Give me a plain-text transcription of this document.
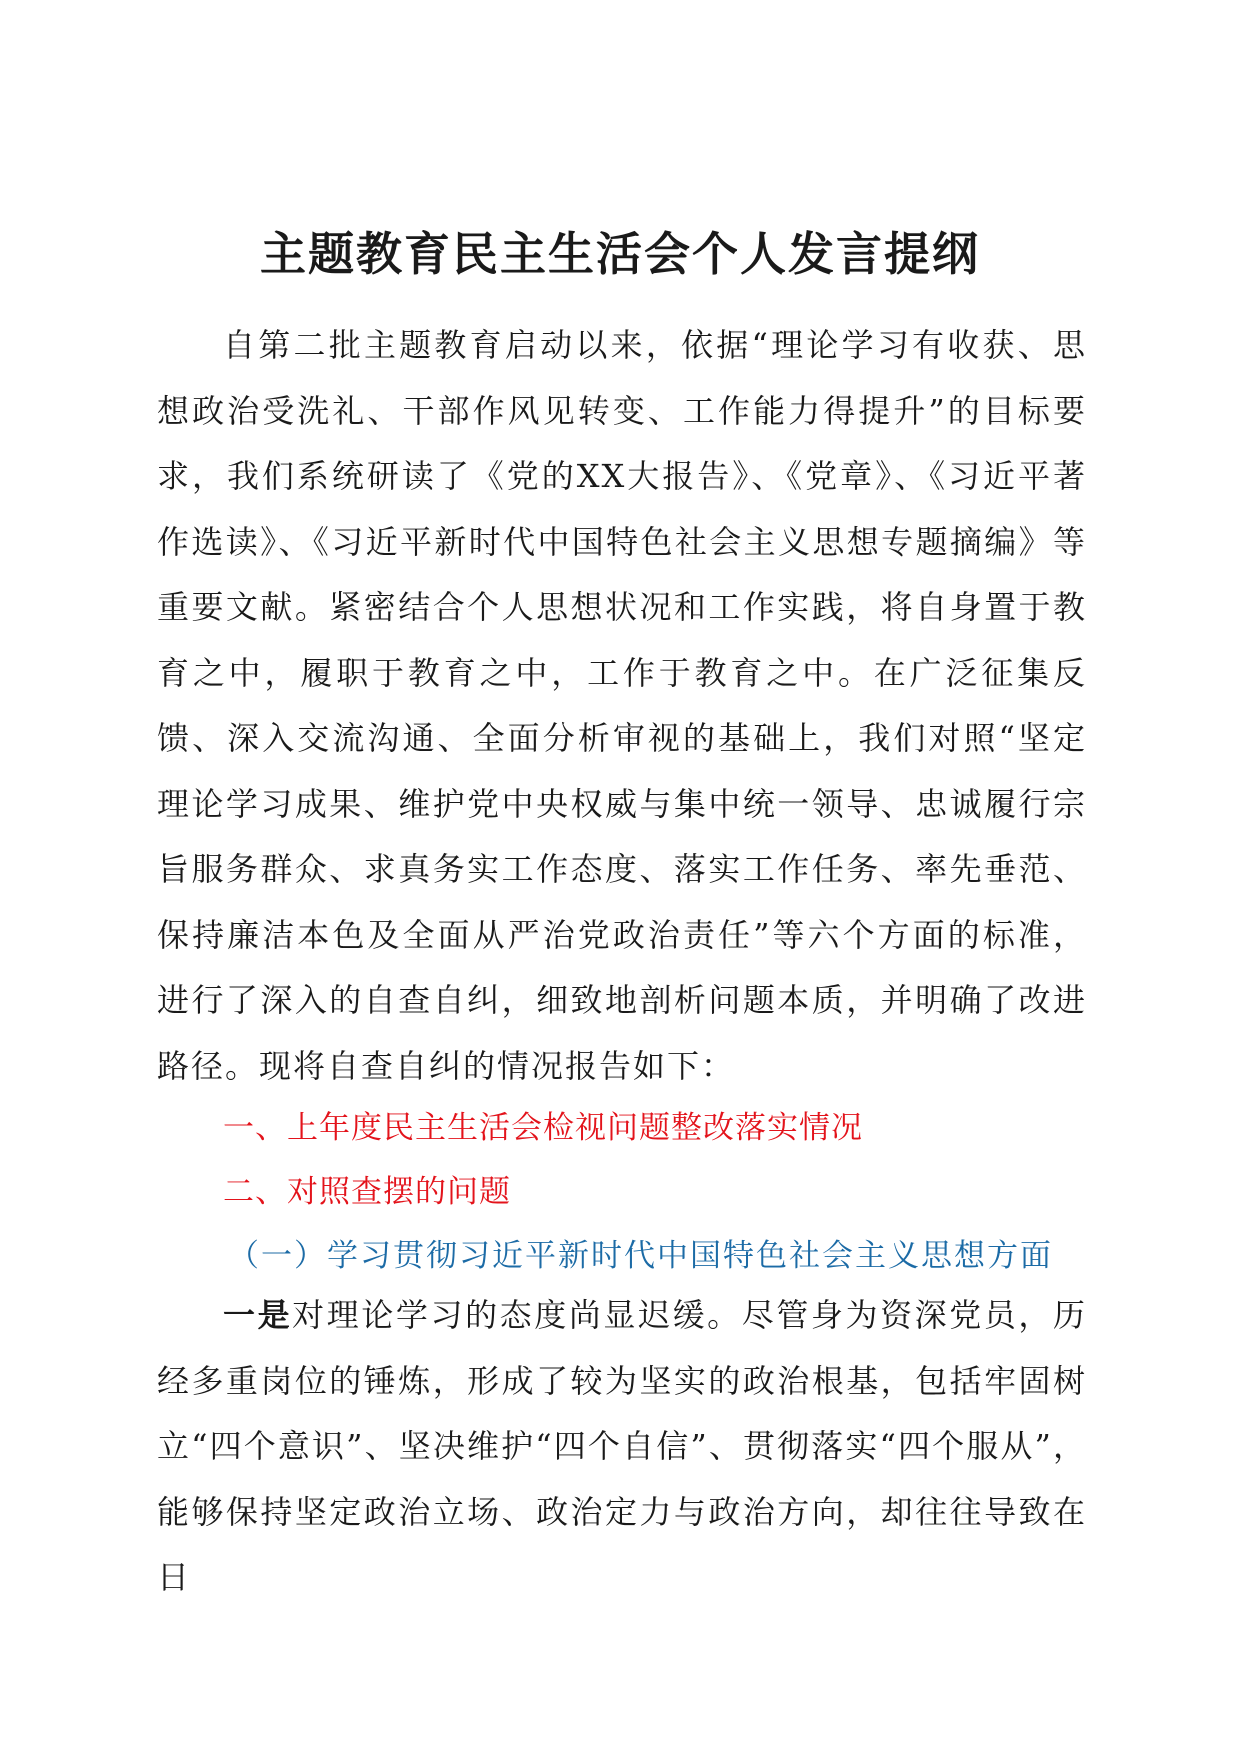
主题教育民主生活会个人发言提纲
自第二批主题教育启动以来，依据“理论学习有收获、思想政治受洗礼、干部作风见转变、工作能力得提升”的目标要求，我们系统研读了《党的XX大报告》、《党章》、《习近平著作选读》、《习近平新时代中国特色社会主义思想专题摘编》等重要文献。紧密结合个人思想状况和工作实践，将自身置于教育之中，履职于教育之中，工作于教育之中。在广泛征集反馈、深入交流沟通、全面分析审视的基础上，我们对照“坚定理论学习成果、维护党中央权威与集中统一领导、忠诚履行宗旨服务群众、求真务实工作态度、落实工作任务、率先垂范、保持廉洁本色及全面从严治党政治责任”等六个方面的标准，进行了深入的自查自纠，细致地剖析问题本质，并明确了改进路径。现将自查自纠的情况报告如下：
一、上年度民主生活会检视问题整改落实情况
二、对照查摆的问题
（一）学习贯彻习近平新时代中国特色社会主义思想方面
一是对理论学习的态度尚显迟缓。尽管身为资深党员，历经多重岗位的锤炼，形成了较为坚实的政治根基，包括牢固树立“四个意识”、坚决维护“四个自信”、贯彻落实“四个服从”，能够保持坚定政治立场、政治定力与政治方向，却往往导致在日
